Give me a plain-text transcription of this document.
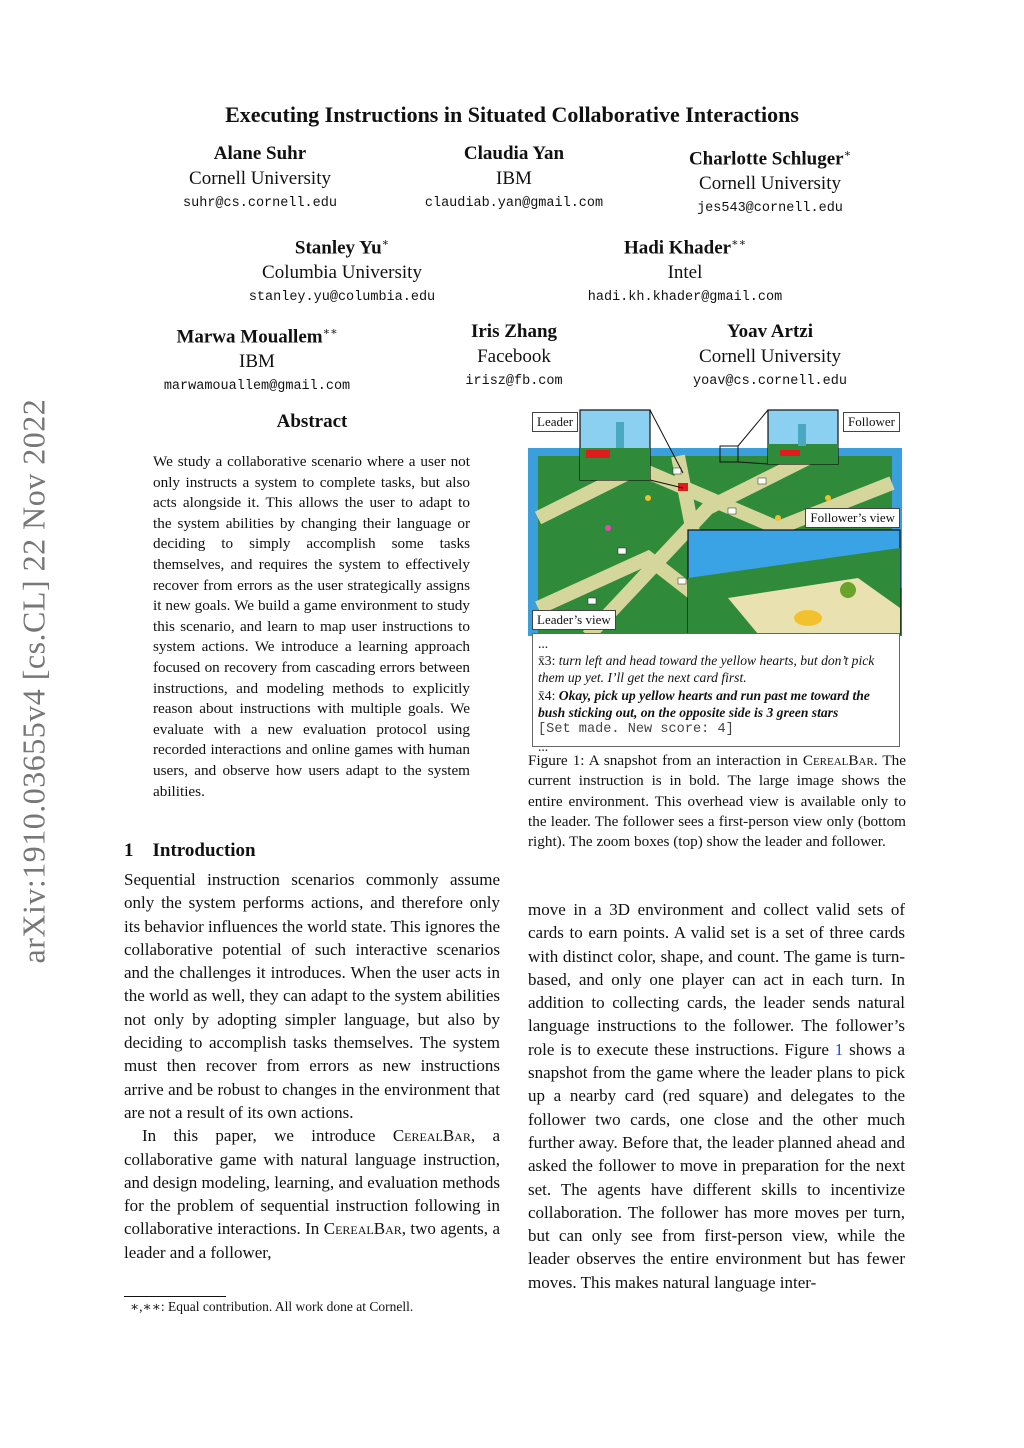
Executing Instructions in Situated Collaborative Interactions
Alane Suhr
Cornell University
suhr@cs.cornell.edu
Claudia Yan
IBM
claudiab.yan@gmail.com
Charlotte Schluger∗
Cornell University
jes543@cornell.edu
Stanley Yu∗
Columbia University
stanley.yu@columbia.edu
Hadi Khader∗∗
Intel
hadi.kh.khader@gmail.com
Marwa Mouallem∗∗
IBM
marwamouallem@gmail.com
Iris Zhang
Facebook
irisz@fb.com
Yoav Artzi
Cornell University
yoav@cs.cornell.edu
arXiv:1910.03655v4 [cs.CL] 22 Nov 2022	Abstract
We study a collaborative scenario where a user not only instructs a system to complete tasks, but also acts alongside it. This allows the user to adapt to the system abilities by changing their language or deciding to simply accomplish some tasks themselves, and requires the system to effectively recover from errors as the user strategically assigns it new goals. We build a game environment to study this scenario, and learn to map user instructions to system actions. We introduce a learning approach focused on recovery from cascading errors between instructions, and modeling methods to explicitly reason about instructions with multiple goals. We evaluate with a new evaluation protocol using recorded interactions and online games with human users, and observe how users adapt to the system abilities.
1 Introduction

Sequential instruction scenarios commonly assume only the system performs actions, and therefore only its behavior influences the world state. This ignores the collaborative potential of such interactive scenarios and the challenges it introduces. When the user acts in the world as well, they can adapt to the system abilities not only by adopting simpler language, but also by deciding to accomplish tasks themselves. The system must then recover from errors as new instructions arrive and be robust to changes in the environment that are not a result of its own actions.

In this paper, we introduce CerealBar, a collaborative game with natural language instruction, and design modeling, learning, and evaluation methods for the problem of sequential instruction following in collaborative interactions. In CerealBar, two agents, a leader and a follower,

∗,∗∗: Equal contribution. All work done at Cornell.
Leader	Follower
Follower’s view
Leader’s view
...
x̄3: turn left and head toward the yellow hearts, but don’t pick them up yet. I’ll get the next card first.
x̄4: Okay, pick up yellow hearts and run past me toward the bush sticking out, on the opposite side is 3 green stars
[Set made. New score: 4]
...
Figure 1: A snapshot from an interaction in CerealBar. The current instruction is in bold. The large image shows the entire environment. This overhead view is available only to the leader. The follower sees a first-person view only (bottom right). The zoom boxes (top) show the leader and follower.

move in a 3D environment and collect valid sets of cards to earn points. A valid set is a set of three cards with distinct color, shape, and count. The game is turn-based, and only one player can act in each turn. In addition to collecting cards, the leader sends natural language instructions to the follower. The follower’s role is to execute these instructions. Figure 1 shows a snapshot from the game where the leader plans to pick up a nearby card (red square) and delegates to the follower two cards, one close and the other much further away. Before that, the leader planned ahead and asked the follower to move in preparation for the next set. The agents have different skills to incentivize collaboration. The follower has more moves per turn, but can only see from first-person view, while the leader observes the entire environment but has fewer moves. This makes natural language inter-
